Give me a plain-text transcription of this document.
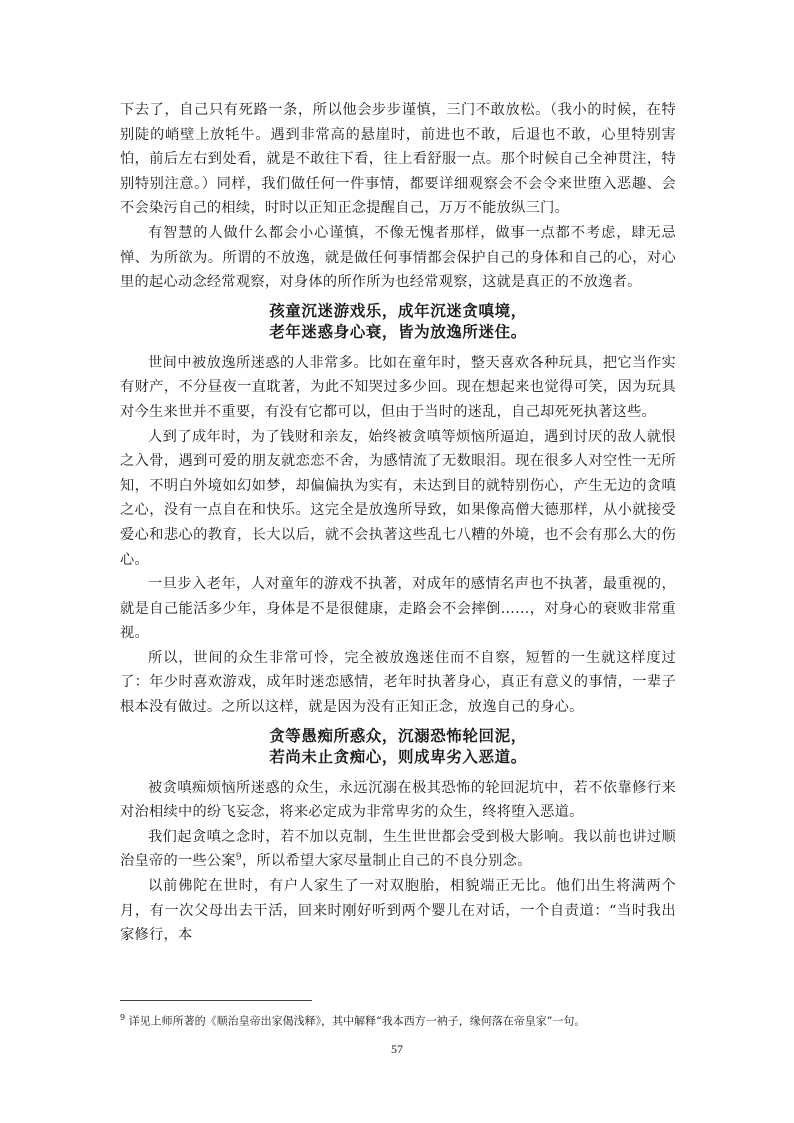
下去了，自己只有死路一条，所以他会步步谨慎，三门不敢放松。（我小的时候，在特别陡的峭壁上放牦牛。遇到非常高的悬崖时，前进也不敢，后退也不敢，心里特别害怕，前后左右到处看，就是不敢往下看，往上看舒服一点。那个时候自己全神贯注，特别特别注意。）同样，我们做任何一件事情，都要详细观察会不会令来世堕入恶趣、会不会染污自己的相续，时时以正知正念提醒自己，万万不能放纵三门。

有智慧的人做什么都会小心谨慎，不像无愧者那样，做事一点都不考虑，肆无忌惮、为所欲为。所谓的不放逸，就是做任何事情都会保护自己的身体和自己的心，对心里的起心动念经常观察，对身体的所作所为也经常观察，这就是真正的不放逸者。

孩童沉迷游戏乐，成年沉迷贪嗔境，
老年迷惑身心衰，皆为放逸所迷住。

世间中被放逸所迷惑的人非常多。比如在童年时，整天喜欢各种玩具，把它当作实有财产，不分昼夜一直耽著，为此不知哭过多少回。现在想起来也觉得可笑，因为玩具对今生来世并不重要，有没有它都可以，但由于当时的迷乱，自己却死死执著这些。

人到了成年时，为了钱财和亲友，始终被贪嗔等烦恼所逼迫，遇到讨厌的敌人就恨之入骨，遇到可爱的朋友就恋恋不舍，为感情流了无数眼泪。现在很多人对空性一无所知，不明白外境如幻如梦，却偏偏执为实有，未达到目的就特别伤心，产生无边的贪嗔之心，没有一点自在和快乐。这完全是放逸所导致，如果像高僧大德那样，从小就接受爱心和悲心的教育，长大以后，就不会执著这些乱七八糟的外境，也不会有那么大的伤心。

一旦步入老年，人对童年的游戏不执著，对成年的感情名声也不执著，最重视的，就是自己能活多少年，身体是不是很健康，走路会不会摔倒……，对身心的衰败非常重视。

所以，世间的众生非常可怜，完全被放逸迷住而不自察，短暂的一生就这样度过了：年少时喜欢游戏，成年时迷恋感情，老年时执著身心，真正有意义的事情，一辈子根本没有做过。之所以这样，就是因为没有正知正念，放逸自己的身心。

贪等愚痴所惑众，沉溺恐怖轮回泥，
若尚未止贪痴心，则成卑劣入恶道。

被贪嗔痴烦恼所迷惑的众生，永远沉溺在极其恐怖的轮回泥坑中，若不依靠修行来对治相续中的纷飞妄念，将来必定成为非常卑劣的众生，终将堕入恶道。

我们起贪嗔之念时，若不加以克制，生生世世都会受到极大影响。我以前也讲过顺治皇帝的一些公案$^9$，所以希望大家尽量制止自己的不良分别念。

以前佛陀在世时，有户人家生了一对双胞胎，相貌端正无比。他们出生将满两个月，有一次父母出去干活，回来时刚好听到两个婴儿在对话，一个自责道：“当时我出家修行，本

$^9$ 详见上师所著的《顺治皇帝出家偈浅释》，其中解释“我本西方一衲子，缘何落在帝皇家”一句。
57
